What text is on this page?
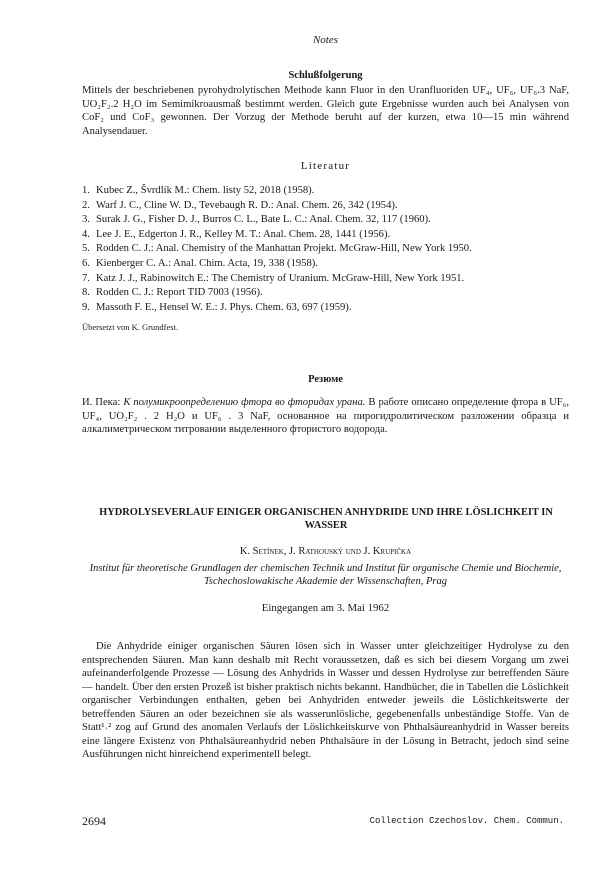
Notes
Schlußfolgerung

Mittels der beschriebenen pyrohydrolytischen Methode kann Fluor in den Uranfluoriden UF₄, UF₆, UF₆.3 NaF, UO₂F₂.2 H₂O im Semimikroausmaß bestimmt werden. Gleich gute Ergebnisse wurden auch bei Analysen von CoF₂ und CoF₃ gewonnen. Der Vorzug der Methode beruht auf der kurzen, etwa 10—15 min während Analysendauer.

Literatur
1. Kubec Z., Švrdlík M.: Chem. listy 52, 2018 (1958).
2. Warf J. C., Cline W. D., Tevebaugh R. D.: Anal. Chem. 26, 342 (1954).
3. Surak J. G., Fisher D. J., Burros C. L., Bate L. C.: Anal. Chem. 32, 117 (1960).
4. Lee J. E., Edgerton J. R., Kelley M. T.: Anal. Chem. 28, 1441 (1956).
5. Rodden C. J.: Anal. Chemistry of the Manhattan Projekt. McGraw-Hill, New York 1950.
6. Kienberger C. A.: Anal. Chim. Acta, 19, 338 (1958).
7. Katz J. J., Rabinowitch E.: The Chemistry of Uranium. McGraw-Hill, New York 1951.
8. Rodden C. J.: Report TID 7003 (1956).
9. Massoth F. E., Hensel W. E.: J. Phys. Chem. 63, 697 (1959).
Übersetzt von K. Grundfest.
Резюме

И. Пека: К полумикроопределению фтора во фторидах урана. В работе описано определение фтора в UF₆, UF₄, UO₂F₂ . 2 H₂O и UF₆ . 3 NaF, основанное на пирогидролитическом разложении образца и алкалиметрическом титровании выделенного фтористого водорода.

HYDROLYSEVERLAUF EINIGER ORGANISCHEN ANHYDRIDE UND IHRE LÖSLICHKEIT IN WASSER
K. Setínek, J. Rathouský und J. Krupička
Institut für theoretische Grundlagen der chemischen Technik und Institut für organische Chemie und Biochemie, Tschechoslowakische Akademie der Wissenschaften, Prag
Eingegangen am 3. Mai 1962

Die Anhydride einiger organischen Säuren lösen sich in Wasser unter gleichzeitiger Hydrolyse zu den entsprechenden Säuren. Man kann deshalb mit Recht voraussetzen, daß es sich bei diesem Vorgang um zwei aufeinanderfolgende Prozesse — Lösung des Anhydrids in Wasser und dessen Hydrolyse zur betreffenden Säure — handelt. Über den ersten Prozeß ist bisher praktisch nichts bekannt. Handbücher, die in Tabellen die Löslichkeit organischer Verbindungen enthalten, geben bei Anhydriden entweder jeweils die Löslichkeitswerte der betreffenden Säuren an oder bezeichnen sie als wasserunlösliche, gegebenenfalls unbeständige Stoffe. Van de Statt¹˒² zog auf Grund des anomalen Verlaufs der Löslichkeitskurve von Phthalsäureanhydrid in Wasser bereits eine längere Existenz von Phthalsäureanhydrid neben Phthalsäure in der Lösung in Betracht, jedoch sind seine Ausführungen nicht hinreichend experimentell belegt.

2694	Collection Czechoslov. Chem. Commun.
